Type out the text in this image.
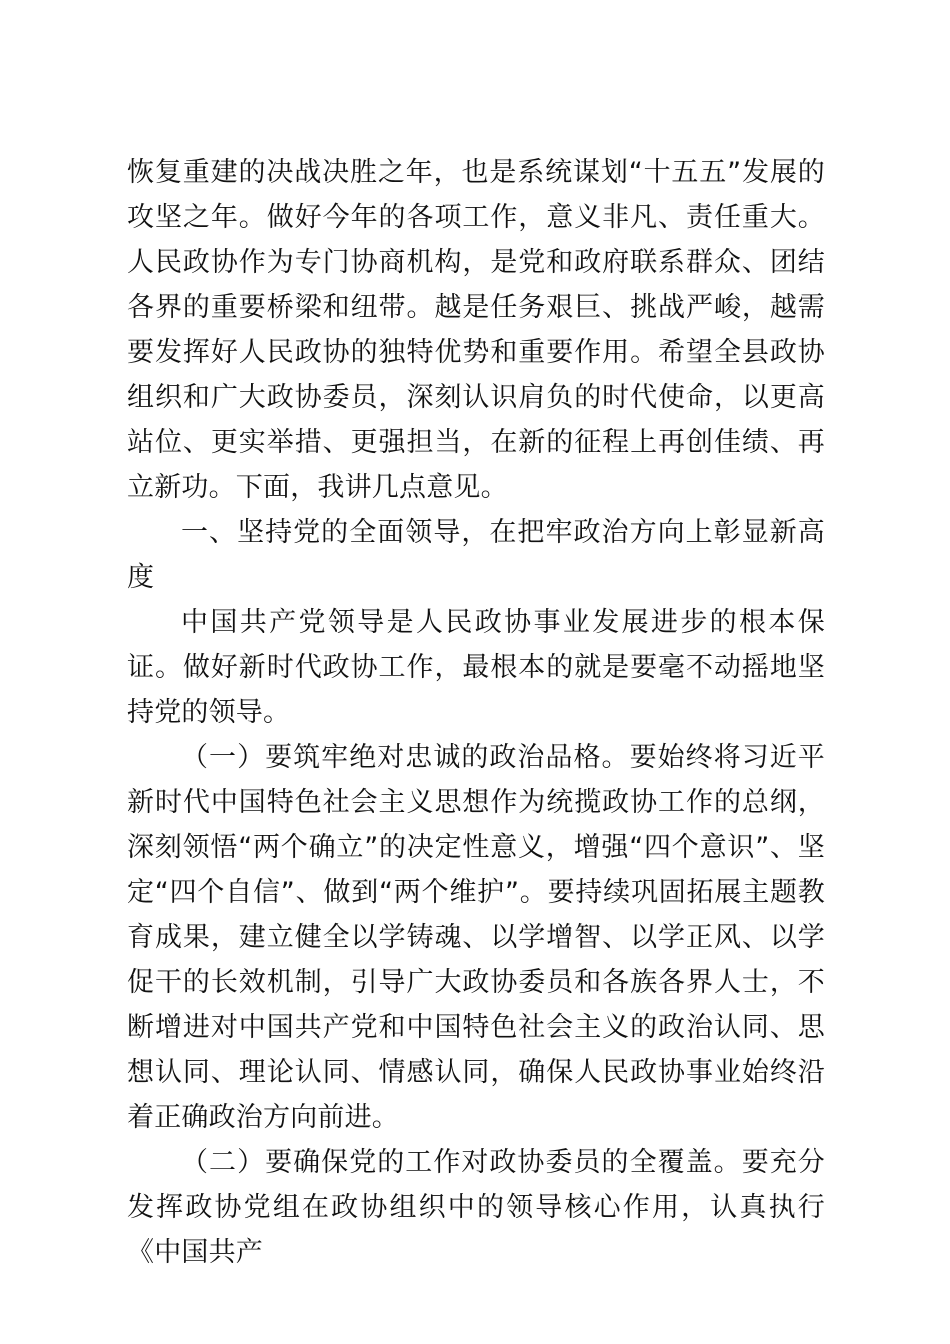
恢复重建的决战决胜之年，也是系统谋划“十五五”发展的攻坚之年。做好今年的各项工作，意义非凡、责任重大。人民政协作为专门协商机构，是党和政府联系群众、团结各界的重要桥梁和纽带。越是任务艰巨、挑战严峻，越需要发挥好人民政协的独特优势和重要作用。希望全县政协组织和广大政协委员，深刻认识肩负的时代使命，以更高站位、更实举措、更强担当，在新的征程上再创佳绩、再立新功。下面，我讲几点意见。

一、坚持党的全面领导，在把牢政治方向上彰显新高度

中国共产党领导是人民政协事业发展进步的根本保证。做好新时代政协工作，最根本的就是要毫不动摇地坚持党的领导。

（一）要筑牢绝对忠诚的政治品格。要始终将习近平新时代中国特色社会主义思想作为统揽政协工作的总纲，深刻领悟“两个确立”的决定性意义，增强“四个意识”、坚定“四个自信”、做到“两个维护”。要持续巩固拓展主题教育成果，建立健全以学铸魂、以学增智、以学正风、以学促干的长效机制，引导广大政协委员和各族各界人士，不断增进对中国共产党和中国特色社会主义的政治认同、思想认同、理论认同、情感认同，确保人民政协事业始终沿着正确政治方向前进。

（二）要确保党的工作对政协委员的全覆盖。要充分发挥政协党组在政协组织中的领导核心作用，认真执行《中国共产
